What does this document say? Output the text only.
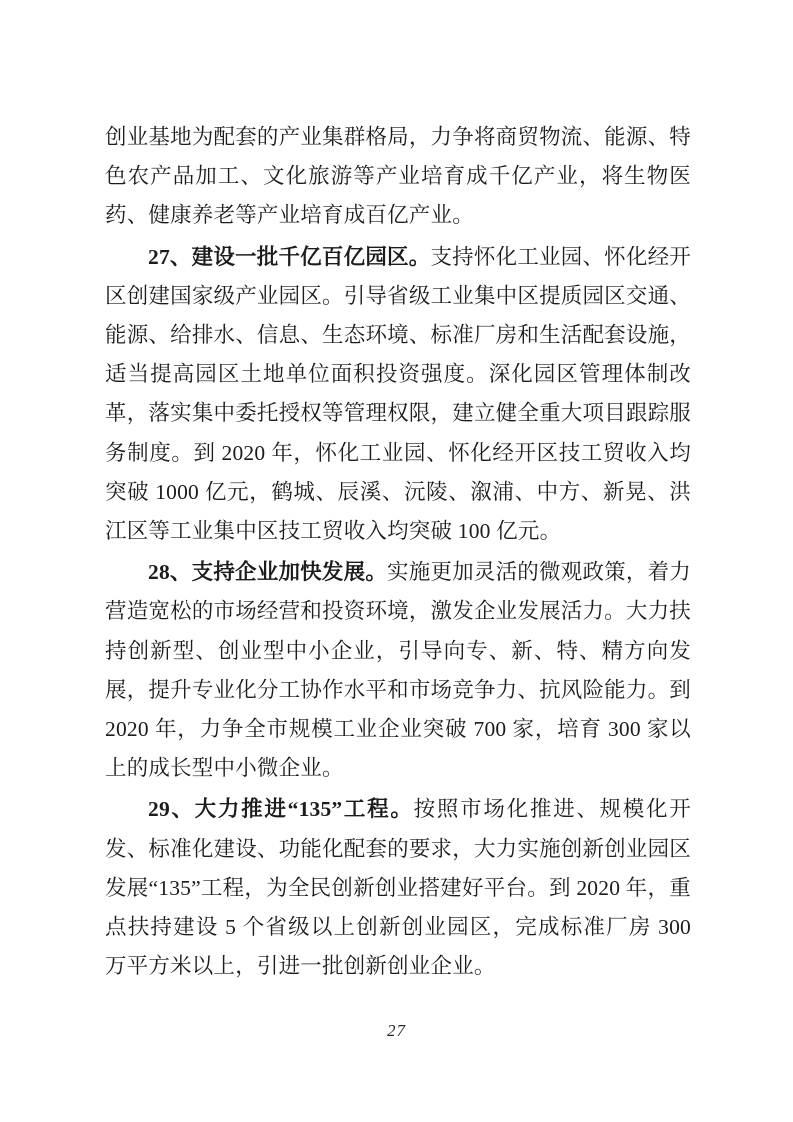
创业基地为配套的产业集群格局，力争将商贸物流、能源、特色农产品加工、文化旅游等产业培育成千亿产业，将生物医药、健康养老等产业培育成百亿产业。

27、建设一批千亿百亿园区。支持怀化工业园、怀化经开区创建国家级产业园区。引导省级工业集中区提质园区交通、能源、给排水、信息、生态环境、标准厂房和生活配套设施，适当提高园区土地单位面积投资强度。深化园区管理体制改革，落实集中委托授权等管理权限，建立健全重大项目跟踪服务制度。到 2020 年，怀化工业园、怀化经开区技工贸收入均突破 1000 亿元，鹤城、辰溪、沅陵、溆浦、中方、新晃、洪江区等工业集中区技工贸收入均突破 100 亿元。

28、支持企业加快发展。实施更加灵活的微观政策，着力营造宽松的市场经营和投资环境，激发企业发展活力。大力扶持创新型、创业型中小企业，引导向专、新、特、精方向发展，提升专业化分工协作水平和市场竞争力、抗风险能力。到 2020 年，力争全市规模工业企业突破 700 家，培育 300 家以上的成长型中小微企业。

29、大力推进“135”工程。按照市场化推进、规模化开发、标准化建设、功能化配套的要求，大力实施创新创业园区发展“135”工程，为全民创新创业搭建好平台。到 2020 年，重点扶持建设 5 个省级以上创新创业园区，完成标准厂房 300 万平方米以上，引进一批创新创业企业。

27
